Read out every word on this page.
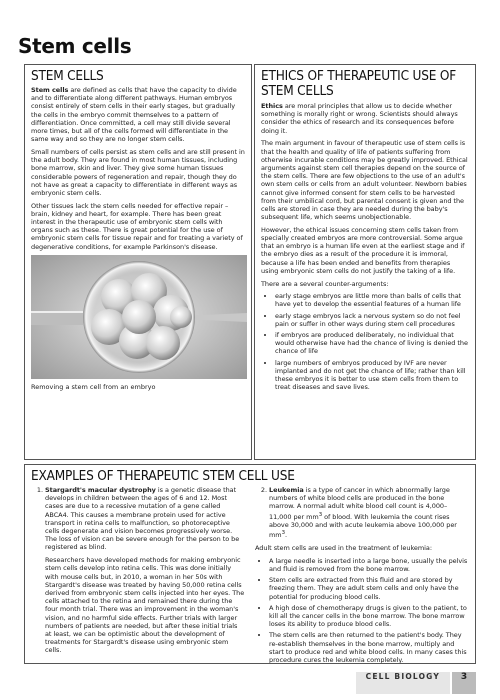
Stem cells
STEM CELLS

Stem cells are defined as cells that have the capacity to divide and to differentiate along different pathways. Human embryos consist entirely of stem cells in their early stages, but gradually the cells in the embryo commit themselves to a pattern of differentiation. Once committed, a cell may still divide several more times, but all of the cells formed will differentiate in the same way and so they are no longer stem cells.

Small numbers of cells persist as stem cells and are still present in the adult body. They are found in most human tissues, including bone marrow, skin and liver. They give some human tissues considerable powers of regeneration and repair, though they do not have as great a capacity to differentiate in different ways as embryonic stem cells.

Other tissues lack the stem cells needed for effective repair – brain, kidney and heart, for example. There has been great interest in the therapeutic use of embryonic stem cells with organs such as these. There is great potential for the use of embryonic stem cells for tissue repair and for treating a variety of degenerative conditions, for example Parkinson's disease.

Removing a stem cell from an embryo
ETHICS OF THERAPEUTIC USE OF STEM CELLS

Ethics are moral principles that allow us to decide whether something is morally right or wrong. Scientists should always consider the ethics of research and its consequences before doing it.

The main argument in favour of therapeutic use of stem cells is that the health and quality of life of patients suffering from otherwise incurable conditions may be greatly improved. Ethical arguments against stem cell therapies depend on the source of the stem cells. There are few objections to the use of an adult's own stem cells or cells from an adult volunteer. Newborn babies cannot give informed consent for stem cells to be harvested from their umbilical cord, but parental consent is given and the cells are stored in case they are needed during the baby's subsequent life, which seems unobjectionable.

However, the ethical issues concerning stem cells taken from specially created embryos are more controversial. Some argue that an embryo is a human life even at the earliest stage and if the embryo dies as a result of the procedure it is immoral, because a life has been ended and benefits from therapies using embryonic stem cells do not justify the taking of a life.

There are a several counter-arguments:

• early stage embryos are little more than balls of cells that have yet to develop the essential features of a human life
• early stage embryos lack a nervous system so do not feel pain or suffer in other ways during stem cell procedures
• if embryos are produced deliberately, no individual that would otherwise have had the chance of living is denied the chance of life
• large numbers of embryos produced by IVF are never implanted and do not get the chance of life; rather than kill these embryos it is better to use stem cells from them to treat diseases and save lives.
EXAMPLES OF THERAPEUTIC STEM CELL USE

1. Stargardt's macular dystrophy is a genetic disease that develops in children between the ages of 6 and 12. Most cases are due to a recessive mutation of a gene called ABCA4. This causes a membrane protein used for active transport in retina cells to malfunction, so photoreceptive cells degenerate and vision becomes progressively worse. The loss of vision can be severe enough for the person to be registered as blind.

Researchers have developed methods for making embryonic stem cells develop into retina cells. This was done initially with mouse cells but, in 2010, a woman in her 50s with Stargardt's disease was treated by having 50,000 retina cells derived from embryonic stem cells injected into her eyes. The cells attached to the retina and remained there during the four month trial. There was an improvement in the woman's vision, and no harmful side effects. Further trials with larger numbers of patients are needed, but after these initial trials at least, we can be optimistic about the development of treatments for Stargardt's disease using embryonic stem cells.

2. Leukemia is a type of cancer in which abnormally large numbers of white blood cells are produced in the bone marrow. A normal adult white blood cell count is 4,000–11,000 per $mm^3$ of blood. With leukemia the count rises above 30,000 and with acute leukemia above 100,000 per $mm^3$.

Adult stem cells are used in the treatment of leukemia:

• A large needle is inserted into a large bone, usually the pelvis and fluid is removed from the bone marrow.
• Stem cells are extracted from this fluid and are stored by freezing them. They are adult stem cells and only have the potential for producing blood cells.
• A high dose of chemotherapy drugs is given to the patient, to kill all the cancer cells in the bone marrow. The bone marrow loses its ability to produce blood cells.
• The stem cells are then returned to the patient's body. They re-establish themselves in the bone marrow, multiply and start to produce red and white blood cells. In many cases this procedure cures the leukemia completely.
CELL BIOLOGY	3
